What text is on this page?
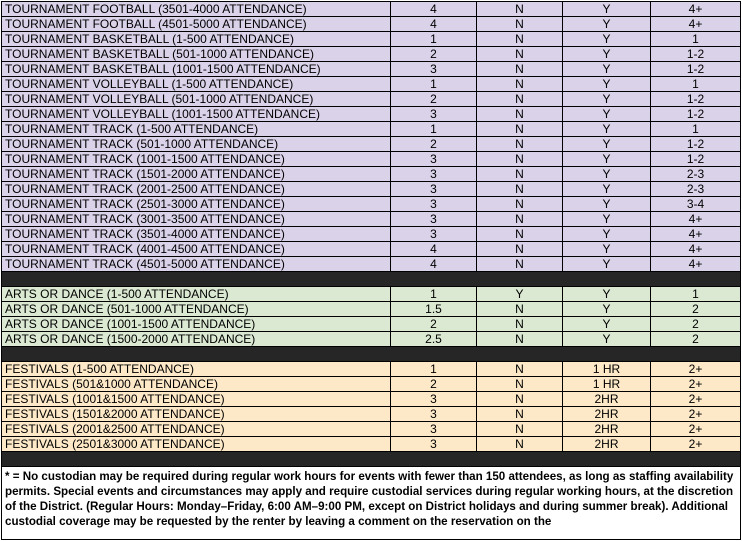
TOURNAMENT FOOTBALL (3501-4000 ATTENDANCE)	4	N	Y	4+
TOURNAMENT FOOTBALL (4501-5000 ATTENDANCE)	4	N	Y	4+
TOURNAMENT BASKETBALL (1-500 ATTENDANCE)	1	N	Y	1
TOURNAMENT BASKETBALL (501-1000 ATTENDANCE)	2	N	Y	1-2
TOURNAMENT BASKETBALL (1001-1500 ATTENDANCE)	3	N	Y	1-2
TOURNAMENT VOLLEYBALL (1-500 ATTENDANCE)	1	N	Y	1
TOURNAMENT VOLLEYBALL (501-1000 ATTENDANCE)	2	N	Y	1-2
TOURNAMENT VOLLEYBALL (1001-1500 ATTENDANCE)	3	N	Y	1-2
TOURNAMENT TRACK (1-500 ATTENDANCE)	1	N	Y	1
TOURNAMENT TRACK (501-1000 ATTENDANCE)	2	N	Y	1-2
TOURNAMENT TRACK (1001-1500 ATTENDANCE)	3	N	Y	1-2
TOURNAMENT TRACK (1501-2000 ATTENDANCE)	3	N	Y	2-3
TOURNAMENT TRACK (2001-2500 ATTENDANCE)	3	N	Y	2-3
TOURNAMENT TRACK (2501-3000 ATTENDANCE)	3	N	Y	3-4
TOURNAMENT TRACK (3001-3500 ATTENDANCE)	3	N	Y	4+
TOURNAMENT TRACK (3501-4000 ATTENDANCE)	3	N	Y	4+
TOURNAMENT TRACK (4001-4500 ATTENDANCE)	4	N	Y	4+
TOURNAMENT TRACK (4501-5000 ATTENDANCE)	4	N	Y	4+

ARTS OR DANCE (1-500 ATTENDANCE)	1	Y	Y	1
ARTS OR DANCE (501-1000 ATTENDANCE)	1.5	N	Y	2
ARTS OR DANCE (1001-1500 ATTENDANCE)	2	N	Y	2
ARTS OR DANCE (1500-2000 ATTENDANCE)	2.5	N	Y	2

FESTIVALS (1-500 ATTENDANCE)	1	N	1 HR	2+
FESTIVALS (501&1000 ATTENDANCE)	2	N	1 HR	2+
FESTIVALS (1001&1500 ATTENDANCE)	3	N	2HR	2+
FESTIVALS (1501&2000 ATTENDANCE)	3	N	2HR	2+
FESTIVALS (2001&2500 ATTENDANCE)	3	N	2HR	2+
FESTIVALS (2501&3000 ATTENDANCE)	3	N	2HR	2+

* = No custodian may be required during regular work hours for events with fewer than 150 attendees, as long as staffing availability permits. Special events and circumstances may apply and require custodial services during regular working hours, at the discretion of the District. (Regular Hours: Monday–Friday, 6:00 AM–9:00 PM, except on District holidays and during summer break). Additional custodial coverage may be requested by the renter by leaving a comment on the reservation on the				
